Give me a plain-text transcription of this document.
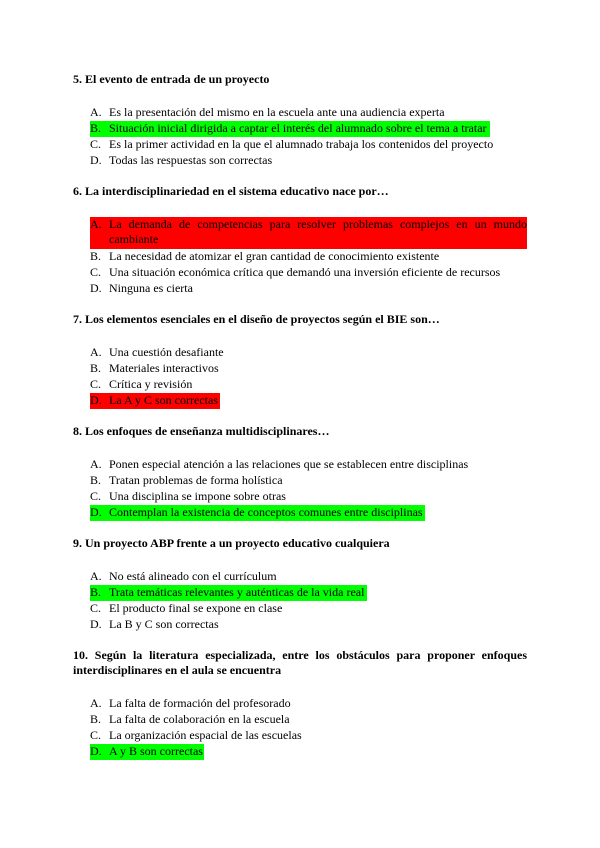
5. El evento de entrada de un proyecto

A. Es la presentación del mismo en la escuela ante una audiencia experta
B. Situación inicial dirigida a captar el interés del alumnado sobre el tema a tratar
C. Es la primer actividad en la que el alumnado trabaja los contenidos del proyecto
D. Todas las respuestas son correctas

6. La interdisciplinariedad en el sistema educativo nace por…

A. La demanda de competencias para resolver problemas complejos en un mundo cambiante
B. La necesidad de atomizar el gran cantidad de conocimiento existente
C. Una situación económica crítica que demandó una inversión eficiente de recursos
D. Ninguna es cierta

7. Los elementos esenciales en el diseño de proyectos según el BIE son…

A. Una cuestión desafiante
B. Materiales interactivos
C. Crítica y revisión
D. La A y C son correctas

8. Los enfoques de enseñanza multidisciplinares…

A. Ponen especial atención a las relaciones que se establecen entre disciplinas
B. Tratan problemas de forma holística
C. Una disciplina se impone sobre otras
D. Contemplan la existencia de conceptos comunes entre disciplinas

9. Un proyecto ABP frente a un proyecto educativo cualquiera

A. No está alineado con el currículum
B. Trata temáticas relevantes y auténticas de la vida real
C. El producto final se expone en clase
D. La B y C son correctas

10. Según la literatura especializada, entre los obstáculos para proponer enfoques interdisciplinares en el aula se encuentra

A. La falta de formación del profesorado
B. La falta de colaboración en la escuela
C. La organización espacial de las escuelas
D. A y B son correctas
